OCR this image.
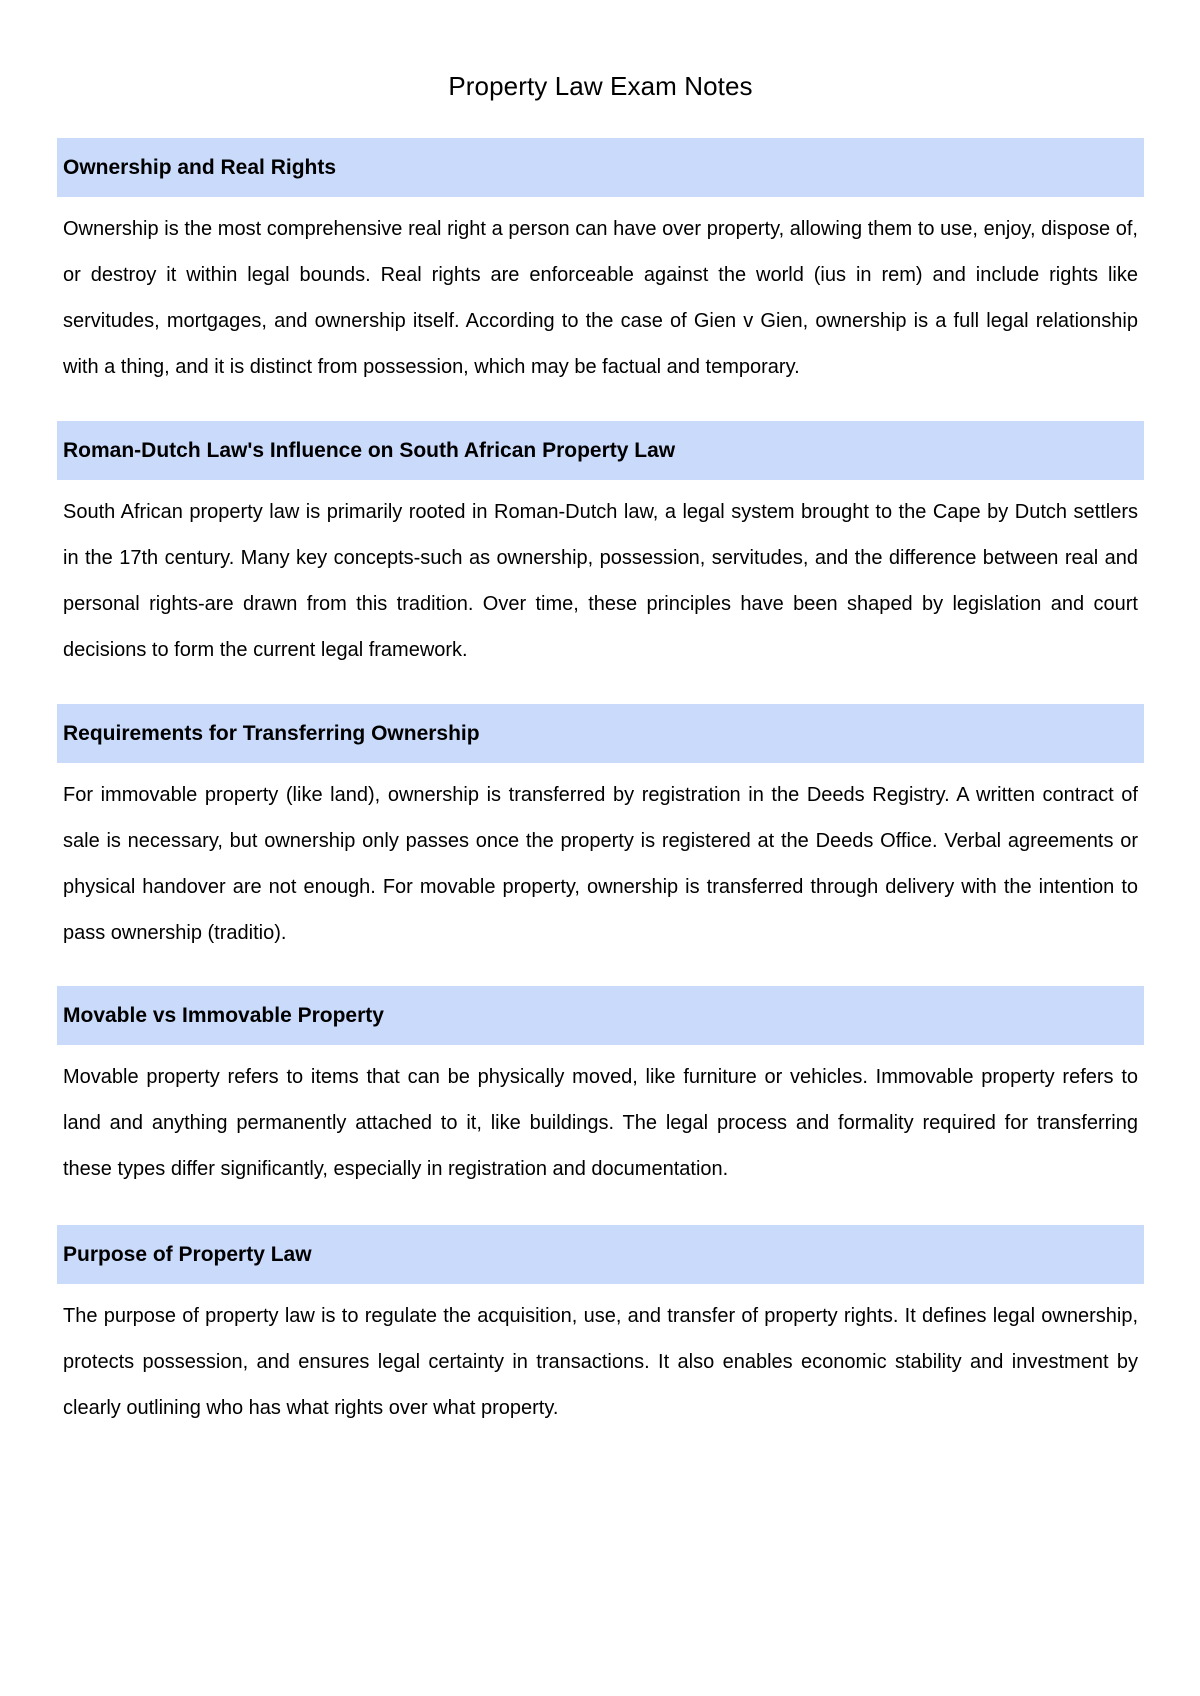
Property Law Exam Notes
Ownership and Real Rights

Ownership is the most comprehensive real right a person can have over property, allowing them to use, enjoy, dispose of, or destroy it within legal bounds. Real rights are enforceable against the world (ius in rem) and include rights like servitudes, mortgages, and ownership itself. According to the case of Gien v Gien, ownership is a full legal relationship with a thing, and it is distinct from possession, which may be factual and temporary.

Roman-Dutch Law's Influence on South African Property Law

South African property law is primarily rooted in Roman-Dutch law, a legal system brought to the Cape by Dutch settlers in the 17th century. Many key concepts-such as ownership, possession, servitudes, and the difference between real and personal rights-are drawn from this tradition. Over time, these principles have been shaped by legislation and court decisions to form the current legal framework.

Requirements for Transferring Ownership

For immovable property (like land), ownership is transferred by registration in the Deeds Registry. A written contract of sale is necessary, but ownership only passes once the property is registered at the Deeds Office. Verbal agreements or physical handover are not enough. For movable property, ownership is transferred through delivery with the intention to pass ownership (traditio).

Movable vs Immovable Property

Movable property refers to items that can be physically moved, like furniture or vehicles. Immovable property refers to land and anything permanently attached to it, like buildings. The legal process and formality required for transferring these types differ significantly, especially in registration and documentation.

Purpose of Property Law

The purpose of property law is to regulate the acquisition, use, and transfer of property rights. It defines legal ownership, protects possession, and ensures legal certainty in transactions. It also enables economic stability and investment by clearly outlining who has what rights over what property.
